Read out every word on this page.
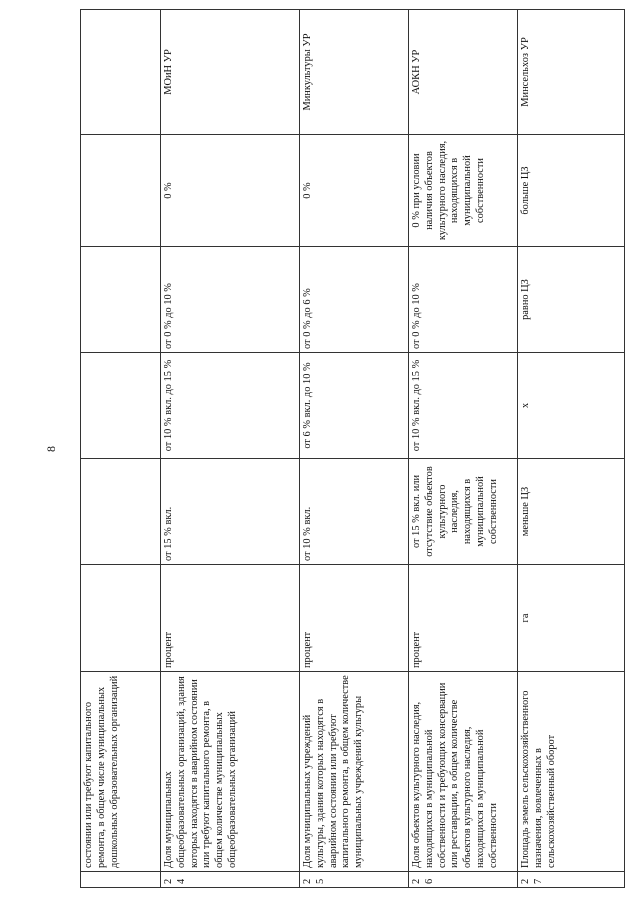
8
	состоянии или требуют капитального ремонта, в общем числе муниципальных дошкольных образовательных организаций						
24	Доля муниципальных общеобразовательных организаций, здания которых находятся в аварийном состоянии или требуют капитального ремонта, в общем количестве муниципальных общеобразовательных организаций	процент	от 15 % вкл.	от 10 % вкл. до 15 %	от 0 % до 10 %	0 %	МОиН УР
25	Доля муниципальных учреждений культуры, здания которых находятся в аварийном состоянии или требуют капитального ремонта, в общем количестве муниципальных учреждений культуры	процент	от 10 % вкл.	от 6 % вкл. до 10 %	от 0 % до 6 %	0 %	Минкультуры УР
26	Доля объектов культурного наследия, находящихся в муниципальной собственности и требующих консервации или реставрации, в общем количестве объектов культурного наследия, находящихся в муниципальной собственности	процент	от 15 % вкл. или отсутствие объектов культурного наследия, находящихся в муниципальной собственности	от 10 % вкл. до 15 %	от 0 % до 10 %	0 % при условии наличия объектов культурного наследия, находящихся в муниципальной собственности	АОКН УР
27	Площадь земель сельскохозяйственного назначения, вовлеченных в сельскохозяйственный оборот	га	меньше ЦЗ	х	равно ЦЗ	больше ЦЗ	Минсельхоз УР
